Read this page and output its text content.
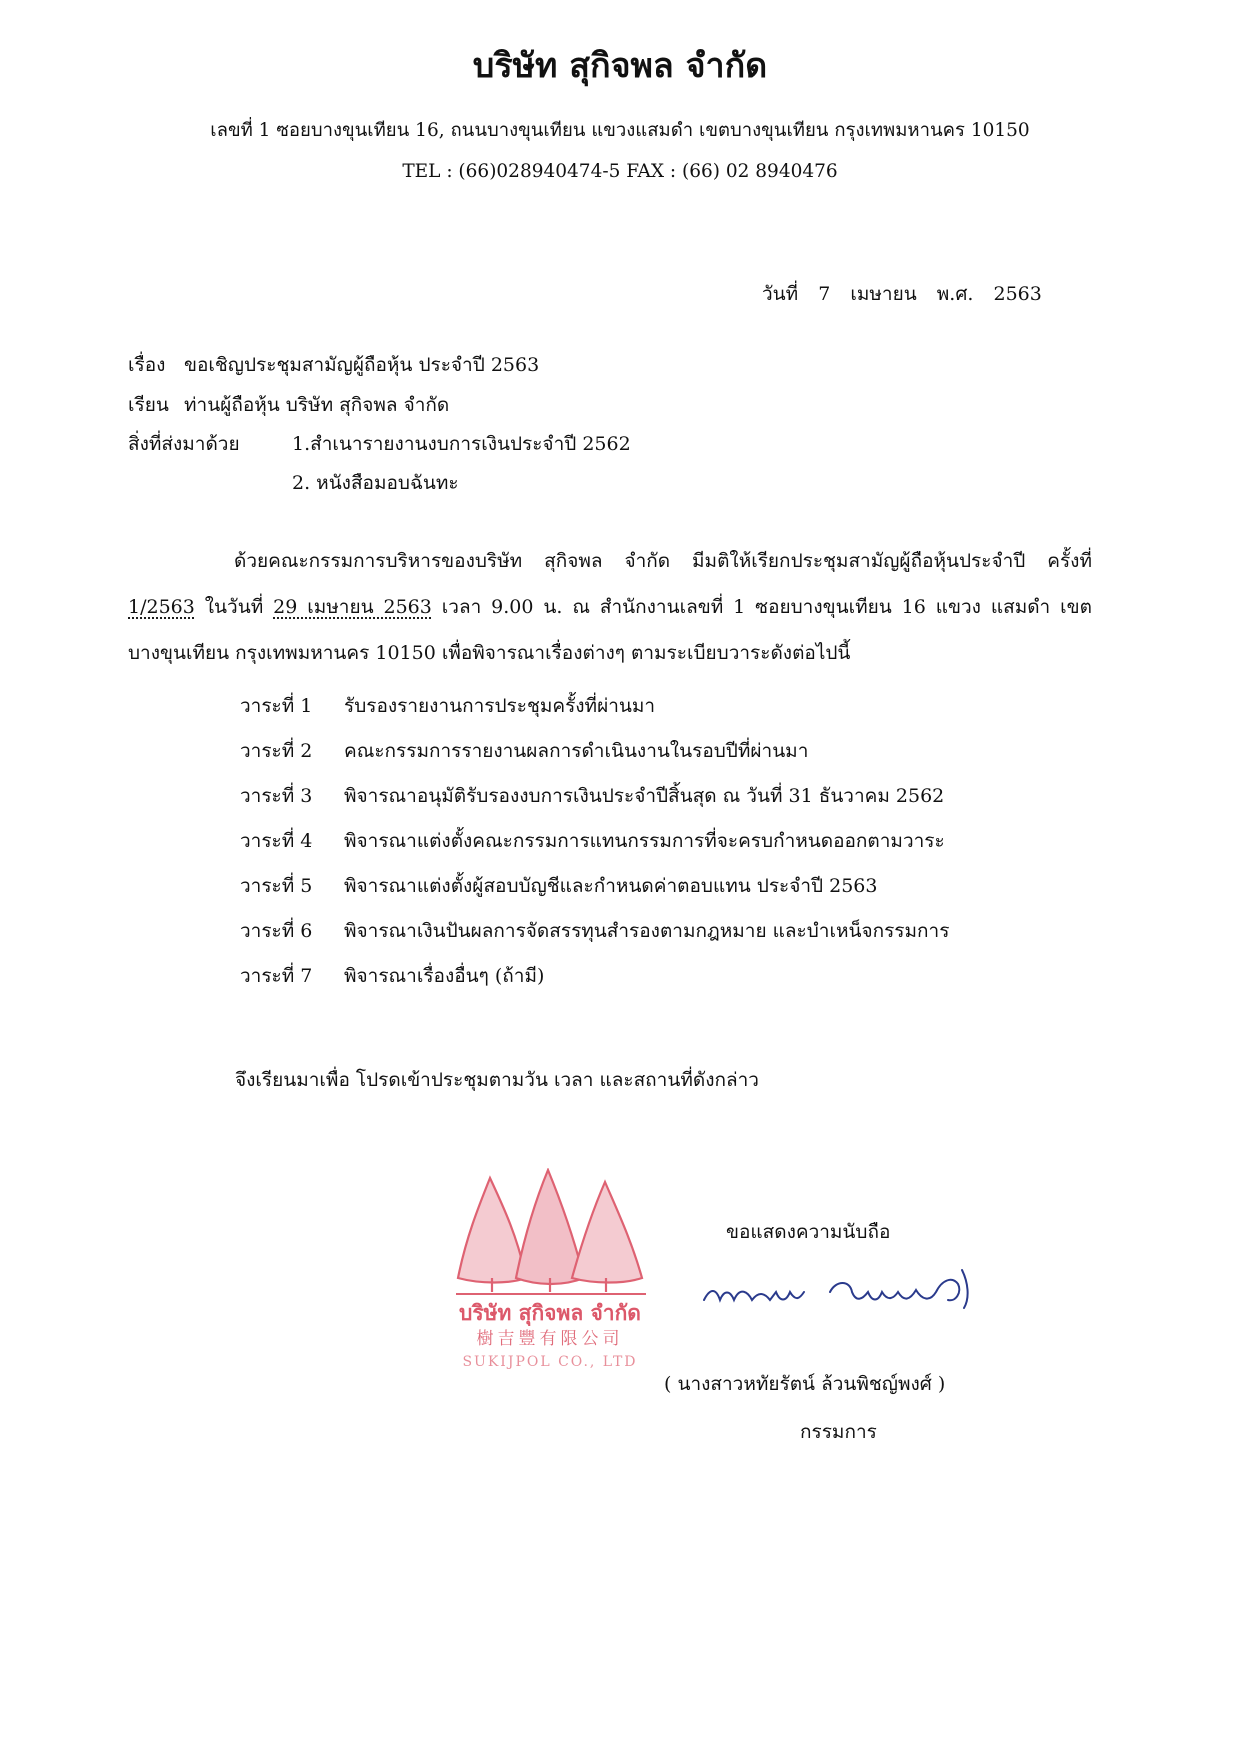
บริษัท สุกิจพล จำกัด
เลขที่ 1 ซอยบางขุนเทียน 16, ถนนบางขุนเทียน แขวงแสมดำ เขตบางขุนเทียน กรุงเทพมหานคร 10150
TEL : (66)028940474-5 FAX : (66) 02 8940476
วันที่ 7 เมษายน พ.ศ. 2563
เรื่อง ขอเชิญประชุมสามัญผู้ถือหุ้น ประจำปี 2563
เรียน ท่านผู้ถือหุ้น บริษัท สุกิจพล จำกัด
สิ่งที่ส่งมาด้วย	1.สำเนารายงานงบการเงินประจำปี 2562
2. หนังสือมอบฉันทะ
ด้วยคณะกรรมการบริหารของบริษัท สุกิจพล จำกัด มีมติให้เรียกประชุมสามัญผู้ถือหุ้นประจำปี ครั้งที่ 1/2563 ในวันที่ 29 เมษายน 2563 เวลา 9.00 น. ณ สำนักงานเลขที่ 1 ซอยบางขุนเทียน 16 แขวง แสมดำ เขตบางขุนเทียน กรุงเทพมหานคร 10150 เพื่อพิจารณาเรื่องต่างๆ ตามระเบียบวาระดังต่อไปนี้
วาระที่ 1 รับรองรายงานการประชุมครั้งที่ผ่านมา
วาระที่ 2 คณะกรรมการรายงานผลการดำเนินงานในรอบปีที่ผ่านมา
วาระที่ 3 พิจารณาอนุมัติรับรองงบการเงินประจำปีสิ้นสุด ณ วันที่ 31 ธันวาคม 2562
วาระที่ 4 พิจารณาแต่งตั้งคณะกรรมการแทนกรรมการที่จะครบกำหนดออกตามวาระ
วาระที่ 5 พิจารณาแต่งตั้งผู้สอบบัญชีและกำหนดค่าตอบแทน ประจำปี 2563
วาระที่ 6 พิจารณาเงินปันผลการจัดสรรทุนสำรองตามกฎหมาย และบำเหน็จกรรมการ
วาระที่ 7 พิจารณาเรื่องอื่นๆ (ถ้ามี)
จึงเรียนมาเพื่อ โปรดเข้าประชุมตามวัน เวลา และสถานที่ดังกล่าว
บริษัท สุกิจพล จำกัด
樹吉豐有限公司
SUKIJPOL CO., LTD
ขอแสดงความนับถือ
( นางสาวหทัยรัตน์ ล้วนพิชญ์พงศ์ )
กรรมการ
